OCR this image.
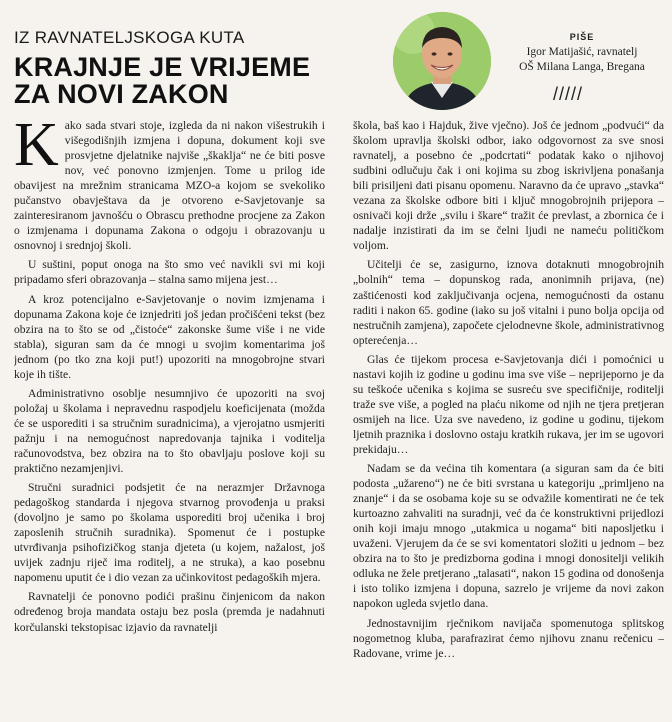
IZ RAVNATELJSKOGA KUTA
KRAJNJE JE VRIJEME ZA NOVI ZAKON
PIŠE
Igor Matijašić, ravnatelj
OŠ Milana Langa, Bregana
/////

Kako sada stvari stoje, izgleda da ni nakon višestrukih i višegodišnjih izmjena i dopuna, dokument koji sve prosvjetne djelatnike najviše „škaklja“ ne će biti posve nov, već ponovno izmjenjen. Tome u prilog ide obavijest na mrežnim stranicama MZO-a kojom se svekoliko pučanstvo obavještava da je otvoreno e-Savjetovanje sa zainteresiranom javnošću o Obrascu prethodne procjene za Zakon o izmjenama i dopunama Zakona o odgoju i obrazovanju u osnovnoj i srednjoj školi.

U suštini, poput onoga na što smo već navikli svi mi koji pripadamo sferi obrazovanja – stalna samo mijena jest…

A kroz potencijalno e-Savjetovanje o novim izmjenama i dopunama Zakona koje će iznjedriti još jedan pročišćeni tekst (bez obzira na to što se od „čistoće“ zakonske šume više i ne vide stabla), siguran sam da će mnogi u svojim komentarima još jednom (po tko zna koji put!) upozoriti na mnogobrojne stvari koje ih tište.

Administrativno osoblje nesumnjivo će upozoriti na svoj položaj u školama i nepravednu raspodjelu koeficijenata (možda će se usporediti i sa stručnim suradnicima), a vjerojatno usmjeriti pažnju i na nemogućnost napredovanja tajnika i voditelja računovodstva, bez obzira na to što obavljaju poslove koji su praktično nezamjenjivi.

Stručni suradnici podsjetit će na nerazmjer Državnoga pedagoškog standarda i njegova stvarnog provođenja u praksi (dovoljno je samo po školama usporediti broj učenika i broj zaposlenih stručnih suradnika). Spomenut će i postupke utvrđivanja psihofizičkog stanja djeteta (u kojem, nažalost, još uvijek zadnju riječ ima roditelj, a ne struka), a kao posebnu napomenu uputit će i dio vezan za učinkovitost pedagoških mjera.

Ravnatelji će ponovno podići prašinu činjenicom da nakon određenog broja mandata ostaju bez posla (premda je nadahnuti korčulanski tekstopisac izjavio da ravnatelji

škola, baš kao i Hajduk, žive vječno). Još će jednom „podvući“ da školom upravlja školski odbor, iako odgovornost za sve snosi ravnatelj, a posebno će „podcrtati“ podatak kako o njihovoj sudbini odlučuju čak i oni kojima su zbog iskrivljena ponašanja bili prisiljeni dati pisanu opomenu. Naravno da će upravo „stavka“ vezana za školske odbore biti i ključ mnogobrojnih prijepora – osnivači koji drže „svilu i škare“ tražit će prevlast, a zbornica će i nadalje inzistirati da im se čelni ljudi ne nameću političkom voljom.

Učitelji će se, zasigurno, iznova dotaknuti mnogobrojnih „bolnih“ tema – dopunskog rada, anonimnih prijava, (ne) zaštićenosti kod zaključivanja ocjena, nemogućnosti da ostanu raditi i nakon 65. godine (iako su još vitalni i puno bolja opcija od nestručnih zamjena), započete cjelodnevne škole, administrativnog opterećenja…

Glas će tijekom procesa e-Savjetovanja dići i pomoćnici u nastavi kojih iz godine u godinu ima sve više – neprijeporno je da su teškoće učenika s kojima se susreću sve specifičnije, roditelji traže sve više, a pogled na plaću nikome od njih ne tjera pretjeran osmijeh na lice. Uza sve navedeno, iz godine u godinu, tijekom ljetnih praznika i doslovno ostaju kratkih rukava, jer im se ugovori prekidaju…

Nadam se da većina tih komentara (a siguran sam da će biti podosta „užareno“) ne će biti svrstana u kategoriju „primljeno na znanje“ i da se osobama koje su se odvažile komentirati ne će tek kurtoazno zahvaliti na suradnji, već da će konstruktivni prijedlozi onih koji imaju mnogo „utakmica u nogama“ biti naposljetku i uvaženi. Vjerujem da će se svi komentatori složiti u jednom – bez obzira na to što je predizborna godina i mnogi donositelji velikih odluka ne žele pretjerano „talasati“, nakon 15 godina od donošenja i isto toliko izmjena i dopuna, sazrelo je vrijeme da novi zakon napokon ugleda svjetlo dana.

Jednostavnijim rječnikom navijača spomenutoga splitskog nogometnog kluba, parafrazirat ćemo njihovu znanu rečenicu – Radovane, vrime je…
